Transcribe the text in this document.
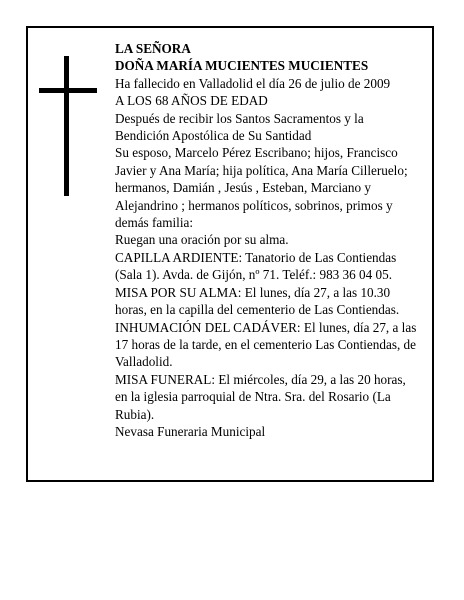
LA SEÑORA

DOÑA MARÍA MUCIENTES MUCIENTES

Ha fallecido en Valladolid el día 26 de julio de 2009

A LOS 68 AÑOS DE EDAD

Después de recibir los Santos Sacramentos y la Bendición Apostólica de Su Santidad

Su esposo, Marcelo Pérez Escribano; hijos, Francisco Javier y Ana María; hija política, Ana María Cilleruelo; hermanos, Damián , Jesús , Esteban, Marciano y Alejandrino ; hermanos políticos, sobrinos, primos y demás familia:

Ruegan una oración por su alma.

CAPILLA ARDIENTE: Tanatorio de Las Contiendas (Sala 1). Avda. de Gijón, nº 71. Teléf.: 983 36 04 05.

MISA POR SU ALMA: El lunes, día 27, a las 10.30 horas, en la capilla del cementerio de Las Contiendas.

INHUMACIÓN DEL CADÁVER: El lunes, día 27, a las 17 horas de la tarde, en el cementerio Las Contiendas, de Valladolid.

MISA FUNERAL: El miércoles, día 29, a las 20 horas, en la iglesia parroquial de Ntra. Sra. del Rosario (La Rubia).

Nevasa Funeraria Municipal
